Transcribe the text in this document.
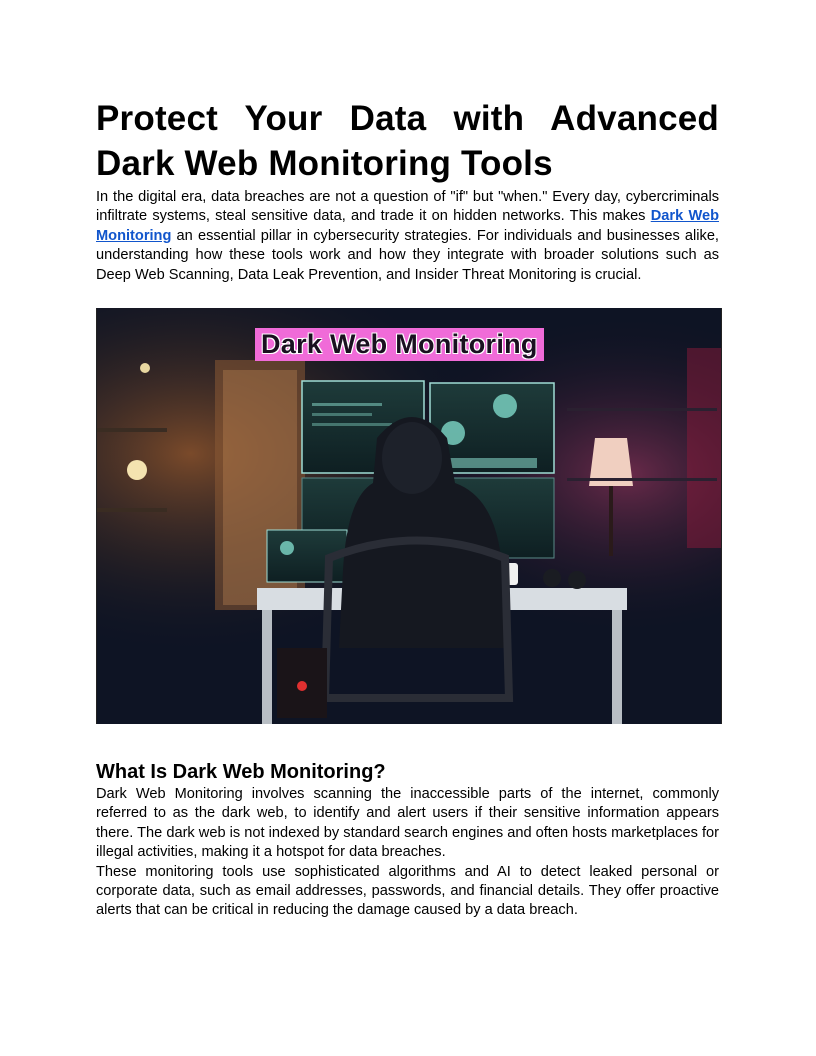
Protect Your Data with Advanced Dark Web Monitoring Tools

In the digital era, data breaches are not a question of "if" but "when." Every day, cybercriminals infiltrate systems, steal sensitive data, and trade it on hidden networks. This makes Dark Web Monitoring an essential pillar in cybersecurity strategies. For individuals and businesses alike, understanding how these tools work and how they integrate with broader solutions such as Deep Web Scanning, Data Leak Prevention, and Insider Threat Monitoring is crucial.

Dark Web Monitoring
What Is Dark Web Monitoring?

Dark Web Monitoring involves scanning the inaccessible parts of the internet, commonly referred to as the dark web, to identify and alert users if their sensitive information appears there. The dark web is not indexed by standard search engines and often hosts marketplaces for illegal activities, making it a hotspot for data breaches.

These monitoring tools use sophisticated algorithms and AI to detect leaked personal or corporate data, such as email addresses, passwords, and financial details. They offer proactive alerts that can be critical in reducing the damage caused by a data breach.
